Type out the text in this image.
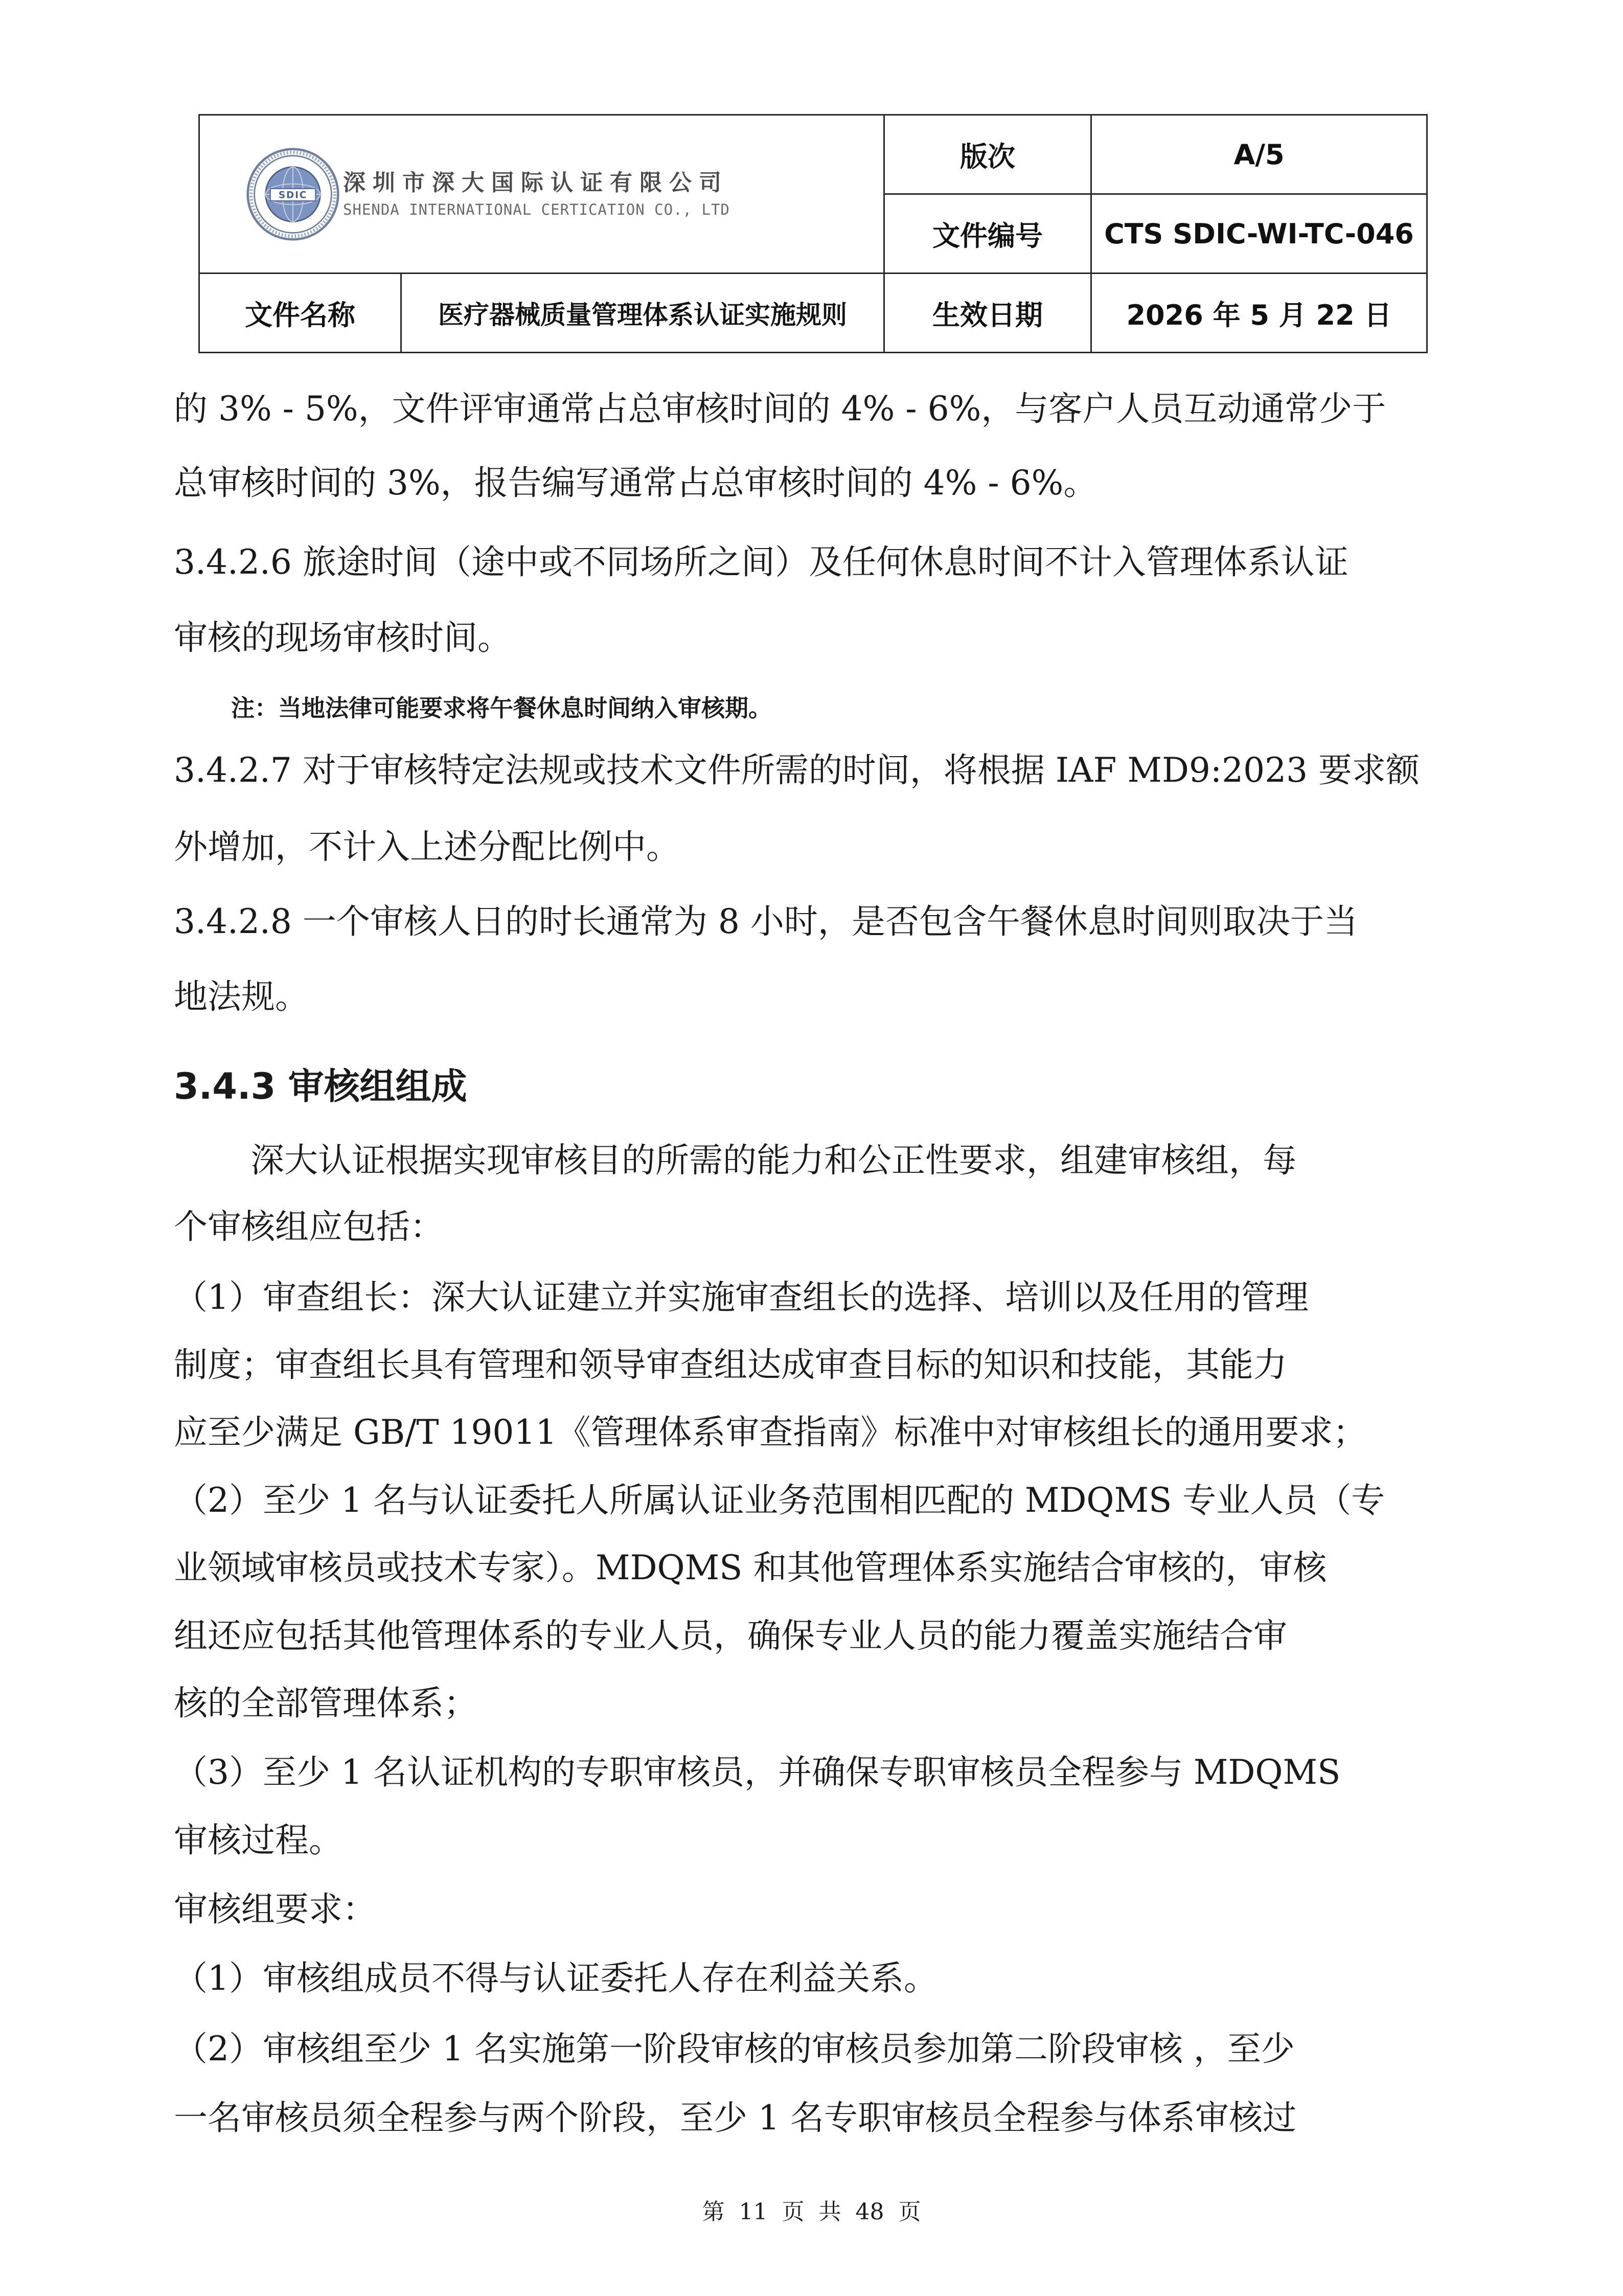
SDIC 深圳市深大国际认证有限公司
SHENDA INTERNATIONAL CERTICATION CO., LTD		版次	A/5
		文件编号	CTS SDIC-WI-TC-046
文件名称	医疗器械质量管理体系认证实施规则	生效日期	2026 年 5 月 22 日
的 3% - 5%，文件评审通常占总审核时间的 4% - 6%，与客户人员互动通常少于
总审核时间的 3%，报告编写通常占总审核时间的 4% - 6%。
3.4.2.6 旅途时间（途中或不同场所之间）及任何休息时间不计入管理体系认证
审核的现场审核时间。
注：当地法律可能要求将午餐休息时间纳入审核期。
3.4.2.7 对于审核特定法规或技术文件所需的时间，将根据 IAF MD9:2023 要求额
外增加，不计入上述分配比例中。
3.4.2.8 一个审核人日的时长通常为 8 小时，是否包含午餐休息时间则取决于当
地法规。
3.4.3 审核组组成
深大认证根据实现审核目的所需的能力和公正性要求，组建审核组，每
个审核组应包括：
（1）审查组长：深大认证建立并实施审查组长的选择、培训以及任用的管理
制度；审查组长具有管理和领导审查组达成审查目标的知识和技能，其能力
应至少满足 GB/T 19011《管理体系审查指南》标准中对审核组长的通用要求；
（2）至少 1 名与认证委托人所属认证业务范围相匹配的 MDQMS 专业人员（专
业领域审核员或技术专家）。MDQMS 和其他管理体系实施结合审核的，审核
组还应包括其他管理体系的专业人员，确保专业人员的能力覆盖实施结合审
核的全部管理体系；
（3）至少 1 名认证机构的专职审核员，并确保专职审核员全程参与 MDQMS
审核过程。
审核组要求：
（1）审核组成员不得与认证委托人存在利益关系。
（2）审核组至少 1 名实施第一阶段审核的审核员参加第二阶段审核 ，至少
一名审核员须全程参与两个阶段，至少 1 名专职审核员全程参与体系审核过
第 11 页 共 48 页
